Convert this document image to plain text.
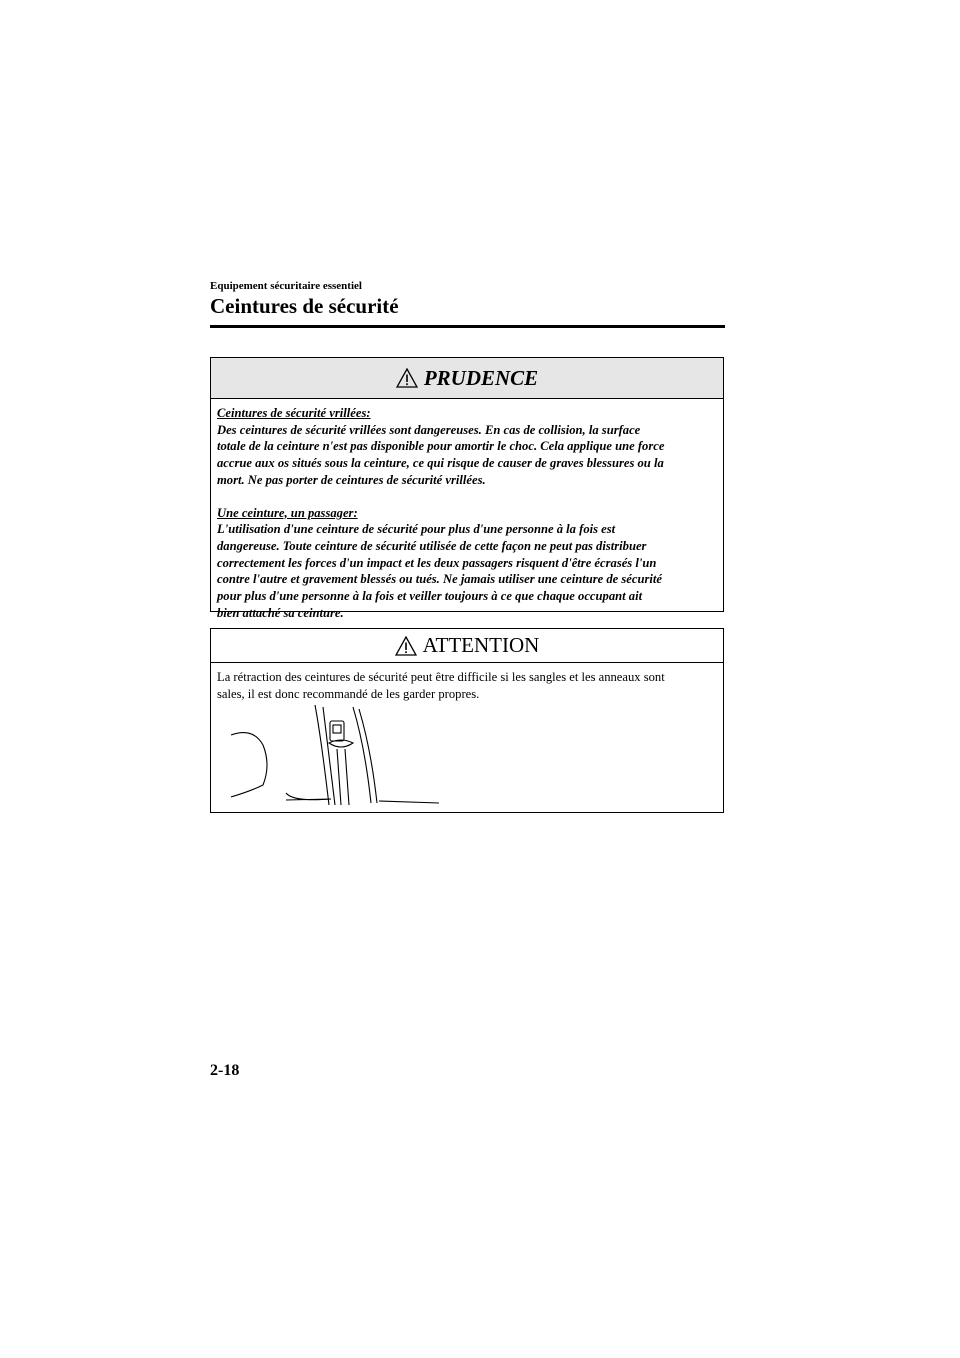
Equipement sécuritaire essentiel
Ceintures de sécurité
PRUDENCE

Ceintures de sécurité vrillées:

Des ceintures de sécurité vrillées sont dangereuses. En cas de collision, la surface

totale de la ceinture n'est pas disponible pour amortir le choc. Cela applique une force

accrue aux os situés sous la ceinture, ce qui risque de causer de graves blessures ou la

mort. Ne pas porter de ceintures de sécurité vrillées.

Une ceinture, un passager:

L'utilisation d'une ceinture de sécurité pour plus d'une personne à la fois est

dangereuse. Toute ceinture de sécurité utilisée de cette façon ne peut pas distribuer

correctement les forces d'un impact et les deux passagers risquent d'être écrasés l'un

contre l'autre et gravement blessés ou tués. Ne jamais utiliser une ceinture de sécurité

pour plus d'une personne à la fois et veiller toujours à ce que chaque occupant ait

bien attaché sa ceinture.

ATTENTION

La rétraction des ceintures de sécurité peut être difficile si les sangles et les anneaux sont

sales, il est donc recommandé de les garder propres.

2-18
